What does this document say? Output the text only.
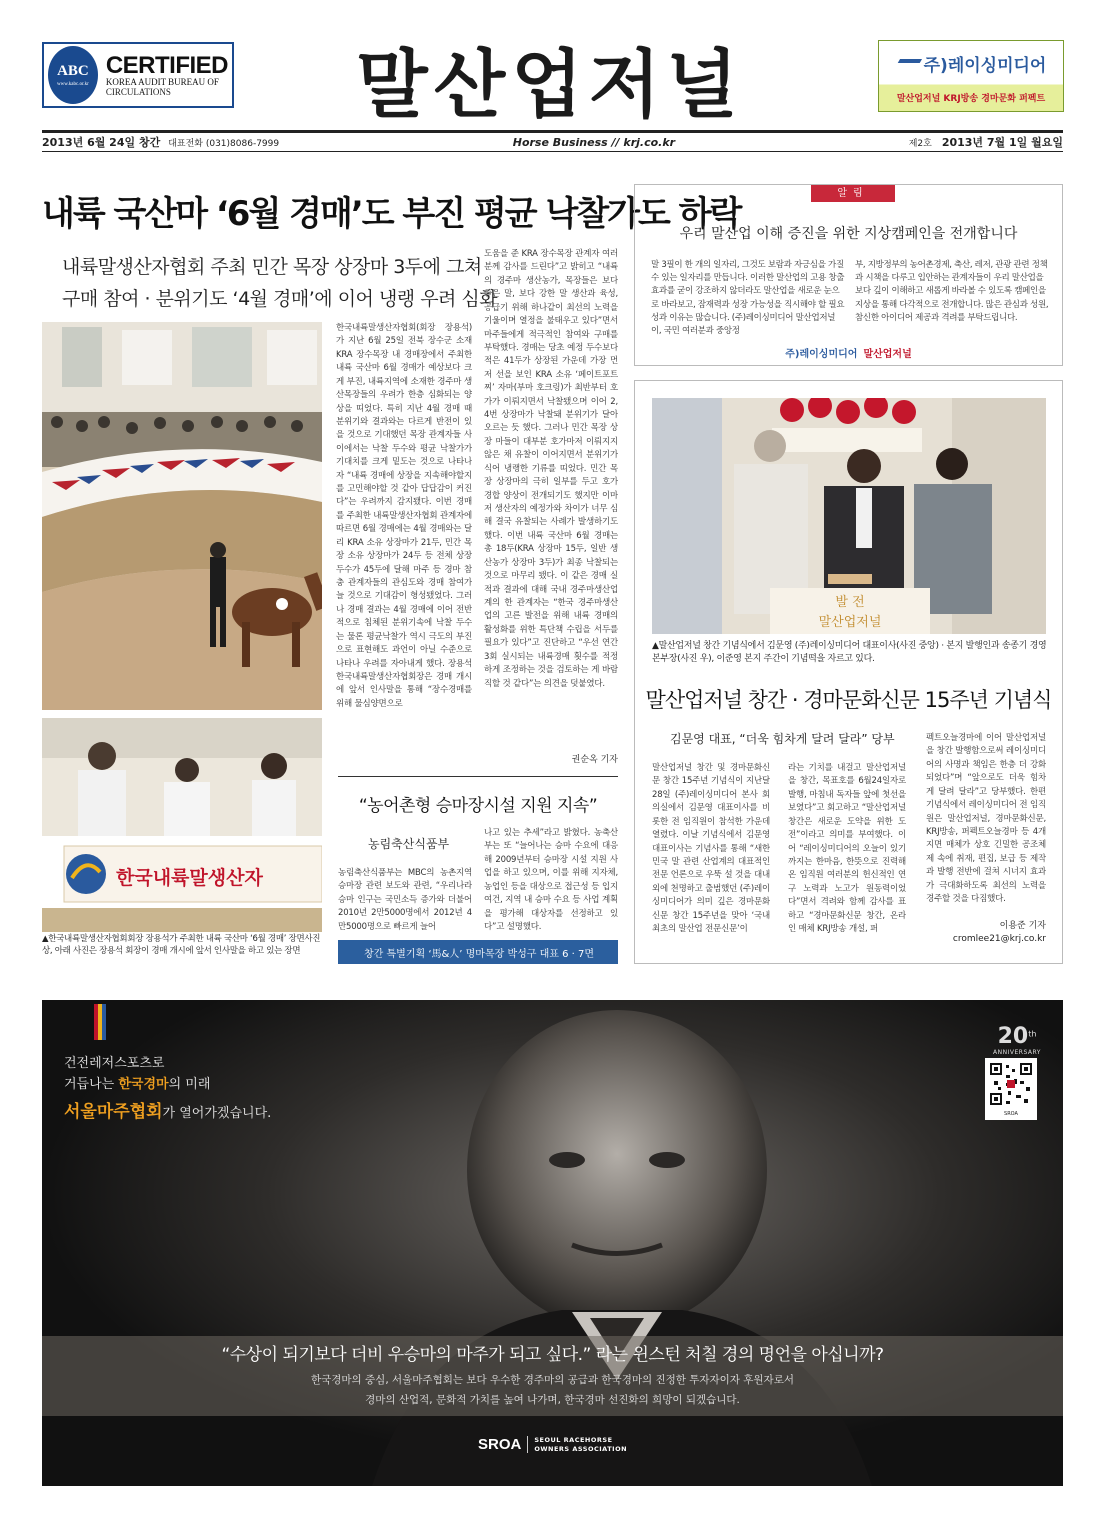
ABC
www.kabc.or.kr
CERTIFIED
KOREA AUDIT BUREAU OF
CIRCULATIONS	말산업저널	주)레이싱미디어
말산업저널 KRJ방송 경마문화 퍼펙트
2013년 6월 24일 창간 대표전화 (031)8086-7999	Horse Business // krj.co.kr	제2호 2013년 7월 1일 월요일
내륙 국산마 ‘6월 경매’도 부진 평균 낙찰가도 하락
내륙말생산자협회 주최 민간 목장 상장마 3두에 그쳐
구매 참여 · 분위기도 ‘4월 경매’에 이어 냉랭 우려 심화
한국내륙말생산자
▲한국내륙말생산자협회회장 장용석가 주최한 내륙 국산마 ‘6월 경매’ 장면사진 상, 아래 사진은 장용석 회장이 경매 개시에 앞서 인사말을 하고 있는 장면
한국내륙말생산자협회(회장 장용석)가 지난 6월 25일 전북 장수군 소재 KRA 장수목장 내 경매장에서 주최한 내륙 국산마 6월 경매가 예상보다 크게 부진, 내륙지역에 소재한 경주마 생산목장들의 우려가 한층 심화되는 양상을 띠었다. 특히 지난 4월 경매 때 분위기와 결과와는 다르게 반전이 있을 것으로 기대했던 목장 관계자들 사이에서는 낙찰 두수와 평균 낙찰가가 기대치를 크게 밑도는 것으로 나타나자 “내륙 경매에 상장을 지속해야할지를 고민해야할 것 같아 답답감이 커진다”는 우려까지 감지됐다. 이번 경매를 주최한 내륙말생산자협회 관계자에 따르면 6월 경매에는 4월 경매와는 달리 KRA 소유 상장마가 21두, 민간 목장 소유 상장마가 24두 등 전체 상장 두수가 45두에 달해 마주 등 경마 참충 관계자들의 관심도와 경매 참여가 늘 것으로 기대감이 형성됐었다. 그러나 경매 결과는 4월 경매에 이어 전반적으로 침체된 분위기속에 낙찰 두수는 물론 평균낙찰가 역시 극도의 부진으로 표현해도 과언이 아닐 수준으로 나타나 우려를 자아내게 했다. 장용석 한국내륙말생산자협회장은 경매 개시에 앞서 인사말을 통해 “장수경매를 위해 물심양면으로
도움을 준 KRA 장수목장 관계자 여러분께 감사를 드린다”고 밝히고 “내륙의 경주마 생산농가, 목장들은 보다 좋은 말, 보다 강한 말 생산과 육성, 공급기 위해 하나같이 최선의 노력을 기울이며 열정을 불태우고 있다”면서 마주들에게 적극적인 참여와 구매를 부탁했다. 경매는 당초 예정 두수보다 적은 41두가 상장된 가운데 가장 먼저 선을 보인 KRA 소유 ‘페이트포트 찌’ 자마(부마 호크링)가 최반부터 호가가 이뤄지면서 낙찰됐으며 이어 2, 4번 상장마가 낙찰돼 분위기가 달아오르는 듯 했다. 그러나 민간 목장 상장 마들이 대부분 호가마저 이뤄지지 않은 채 유찰이 이어지면서 분위기가 식어 냉랭한 기류를 띠었다. 민간 목장 상장마의 극히 일부를 두고 호가 경합 양상이 전개되기도 했지만 이마저 생산자의 예정가와 차이가 너무 심해 결국 유찰되는 사례가 발생하기도 했다. 이번 내륙 국산마 6월 경매는 총 18두(KRA 상장마 15두, 일반 생산농가 상장마 3두)가 최종 낙찰되는 것으로 마무리 됐다. 이 같은 경매 실적과 결과에 대해 국내 경주마생산업계의 한 관계자는 “한국 경주마생산업의 고른 발전을 위해 내륙 경매의 활성화를 위한 특단책 수립을 서두를 필요가 있다”고 진단하고 “우선 연간 3회 실시되는 내륙경매 횟수를 적정하게 조정하는 것을 검토하는 게 바람직할 것 같다”는 의견을 덧붙였다.
권순옥 기자
“농어촌형 승마장시설 지원 지속”
농림축산식품부
농림축산식품부는 MBC의 농촌지역 승마장 관련 보도와 관련, “우리나라 승마 인구는 국민소득 증가와 더불어 2010년 2만5000명에서 2012년 4만5000명으로 빠르게 늘어
나고 있는 추세”라고 밝혔다. 농축산부는 또 “늘어나는 승마 수요에 대응해 2009년부터 승마장 시설 지원 사업을 하고 있으며, 이를 위해 지자체, 농업인 등을 대상으로 접근성 등 입지여건, 지역 내 승마 수요 등 사업 계획을 평가해 대상자를 선정하고 있다”고 설명했다.
창간 특별기획 ‘馬&人’ 명마목장 박성구 대표 6 · 7면
알림
우리 말산업 이해 증진을 위한 지상캠페인을 전개합니다
말 3필이 한 개의 일자리, 그것도 보람과 자긍심을 가질 수 있는 일자리를 만듭니다. 이러한 말산업의 고용 창출 효과를 굳이 강조하지 않더라도 말산업을 새로운 눈으로 바라보고, 잠재력과 성장 가능성을 직시해야 할 필요성과 이유는 많습니다. (주)레이싱미디어 말산업저널이, 국민 여러분과 중앙정
부, 지방정부의 농어촌경제, 축산, 레저, 관광 관련 정책과 시책을 다루고 입안하는 관계자들이 우리 말산업을 보다 깊이 이해하고 새롭게 바라볼 수 있도록 캠페인을 지상을 통해 다각적으로 전개합니다. 많은 관심과 성원, 참신한 아이디어 제공과 격려를 부탁드립니다.
주)레이싱미디어 말산업저널
발 전
말산업저널
▲말산업저널 창간 기념식에서 김문영 (주)레이싱미디어 대표이사(사진 중앙) · 본지 발행인과 송종기 경영본부장(사진 우), 이준영 본지 주간이 기념떡을 자르고 있다.
말산업저널 창간 · 경마문화신문 15주년 기념식
김문영 대표, “더욱 힘차게 달려 달라” 당부
말산업저널 창간 및 경마문화신문 창간 15주년 기념식이 지난달 28일 (주)레이싱미디어 본사 회의실에서 김문영 대표이사를 비롯한 전 임직원이 참석한 가운데 열렸다. 이날 기념식에서 김문영 대표이사는 기념사를 통해 “새한민국 말 관련 산업계의 대표적인 전문 언론으로 우뚝 설 것을 대내외에 천명하고 출범했던 (주)레이싱미디어가 의미 깊은 경마문화신문 창간 15주년을 맞아 ‘국내 최초의 말산업 전문신문’이
라는 기치를 내걸고 말산업저널을 창간, 목표호를 6월24일자로 발행, 마침내 독자들 앞에 첫선을 보였다”고 회고하고 “말산업저널 창간은 새로운 도약을 위한 도전”이라고 의미를 부여했다. 이어 “레이싱미디어의 오늘이 있기까지는 한마음, 한뜻으로 진력해온 임직원 여러분의 헌신적인 연구 노력과 노고가 원동력이었다”면서 격려와 함께 감사를 표하고 “경마문화신문 창간, 온라인 매체 KRJ방송 개설, 퍼
펙트오늘경마에 이어 말산업저널을 창간 발행함으로써 레이싱미디어의 사명과 책임은 한층 더 강화되었다”며 “앞으로도 더욱 힘차게 달려 달라”고 당부했다. 한편 기념식에서 레이싱미디어 전 임직원은 말산업저널, 경마문화신문, KRJ방송, 퍼펙트오늘경마 등 4개 지면 매체가 상호 긴밀한 공조체제 속에 취재, 편집, 보급 등 제작과 발행 전반에 걸쳐 시너지 효과가 극대화하도록 최선의 노력을 경주할 것을 다짐했다.
이용준 기자
cromlee21@krj.co.kr
건전레저스포츠로
거듭나는 한국경마의 미래
서울마주협회가 열어가겠습니다.
20th
ANNIVERSARY
SROA
“수상이 되기보다 더비 우승마의 마주가 되고 싶다.” 라는 윈스턴 처칠 경의 명언을 아십니까?
한국경마의 중심, 서울마주협회는 보다 우수한 경주마의 공급과 한국경마의 진정한 투자자이자 후원자로서
경마의 산업적, 문화적 가치를 높여 나가며, 한국경마 선진화의 희망이 되겠습니다.
SROA	SEOUL RACEHORSE
OWNERS ASSOCIATION
